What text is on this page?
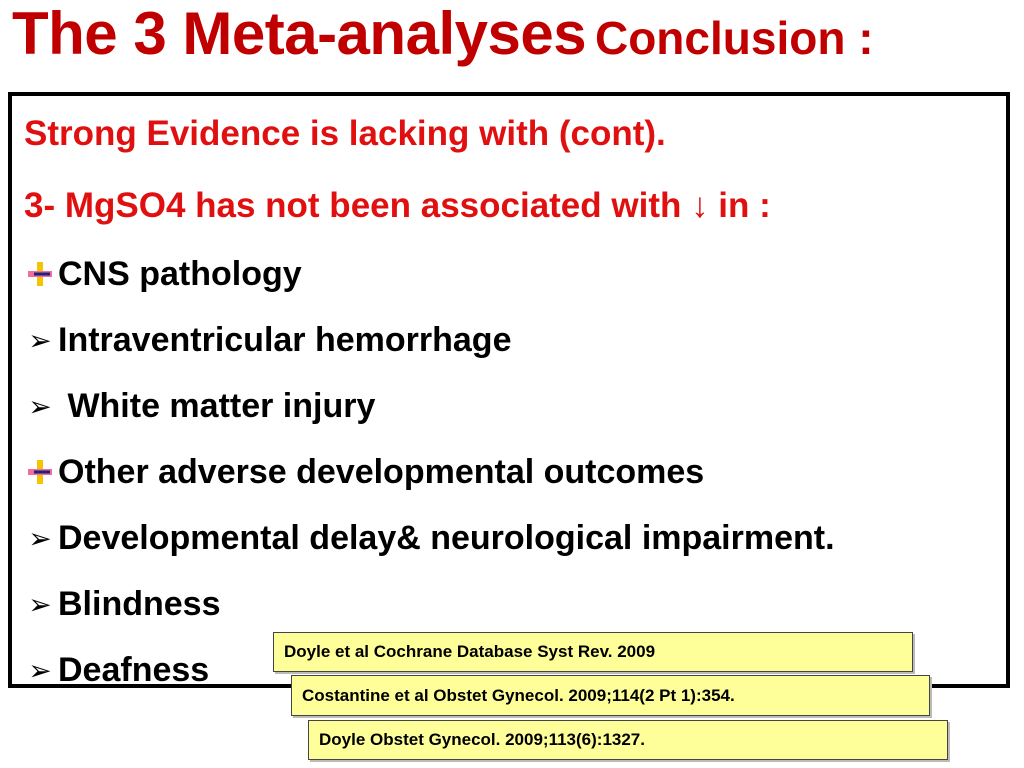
The 3 Meta-analyses Conclusion :
Strong Evidence is lacking with (cont).
3- MgSO4 has not been associated with ↓ in :
CNS pathology
➢ Intraventricular hemorrhage
➢ White matter injury
Other adverse developmental outcomes
➢ Developmental delay& neurological impairment.
➢ Blindness
➢ Deafness	Doyle et al Cochrane Database Syst Rev. 2009
Costantine et al Obstet Gynecol. 2009;114(2 Pt 1):354.
Doyle Obstet Gynecol. 2009;113(6):1327.
